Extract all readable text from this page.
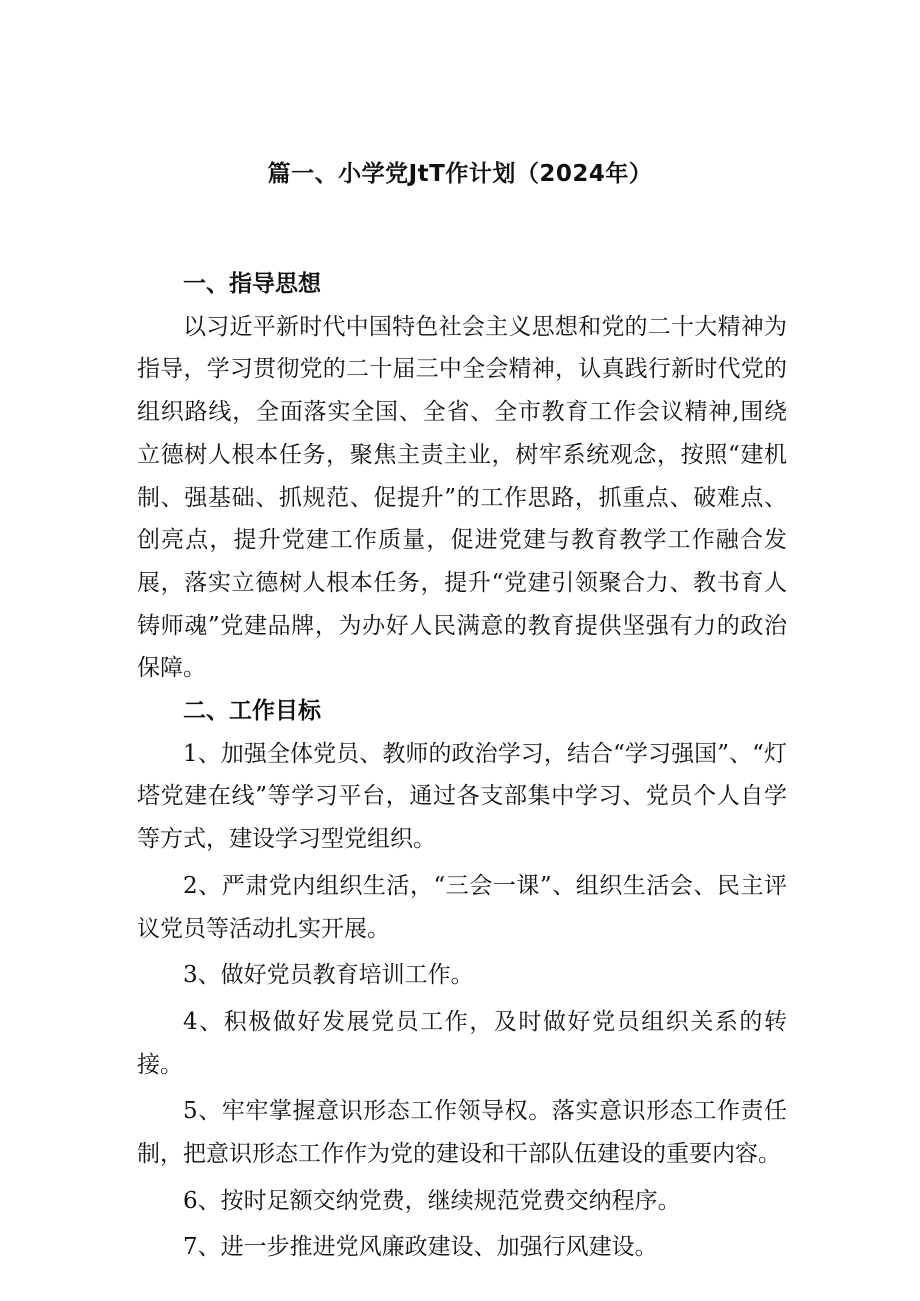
篇一、小学党JtT作计划（2024年）

一、指导思想

以习近平新时代中国特色社会主义思想和党的二十大精神为指导，学习贯彻党的二十届三中全会精神，认真践行新时代党的组织路线，全面落实全国、全省、全市教育工作会议精神,围绕立德树人根本任务，聚焦主责主业，树牢系统观念，按照“建机制、强基础、抓规范、促提升”的工作思路，抓重点、破难点、创亮点，提升党建工作质量，促进党建与教育教学工作融合发展，落实立德树人根本任务，提升“党建引领聚合力、教书育人铸师魂”党建品牌，为办好人民满意的教育提供坚强有力的政治保障。

二、工作目标

1、加强全体党员、教师的政治学习，结合“学习强国”、“灯塔党建在线”等学习平台，通过各支部集中学习、党员个人自学等方式，建设学习型党组织。

2、严肃党内组织生活，“三会一课”、组织生活会、民主评议党员等活动扎实开展。

3、做好党员教育培训工作。

4、积极做好发展党员工作，及时做好党员组织关系的转接。

5、牢牢掌握意识形态工作领导权。落实意识形态工作责任制，把意识形态工作作为党的建设和干部队伍建设的重要内容。

6、按时足额交纳党费，继续规范党费交纳程序。

7、进一步推进党风廉政建设、加强行风建设。
